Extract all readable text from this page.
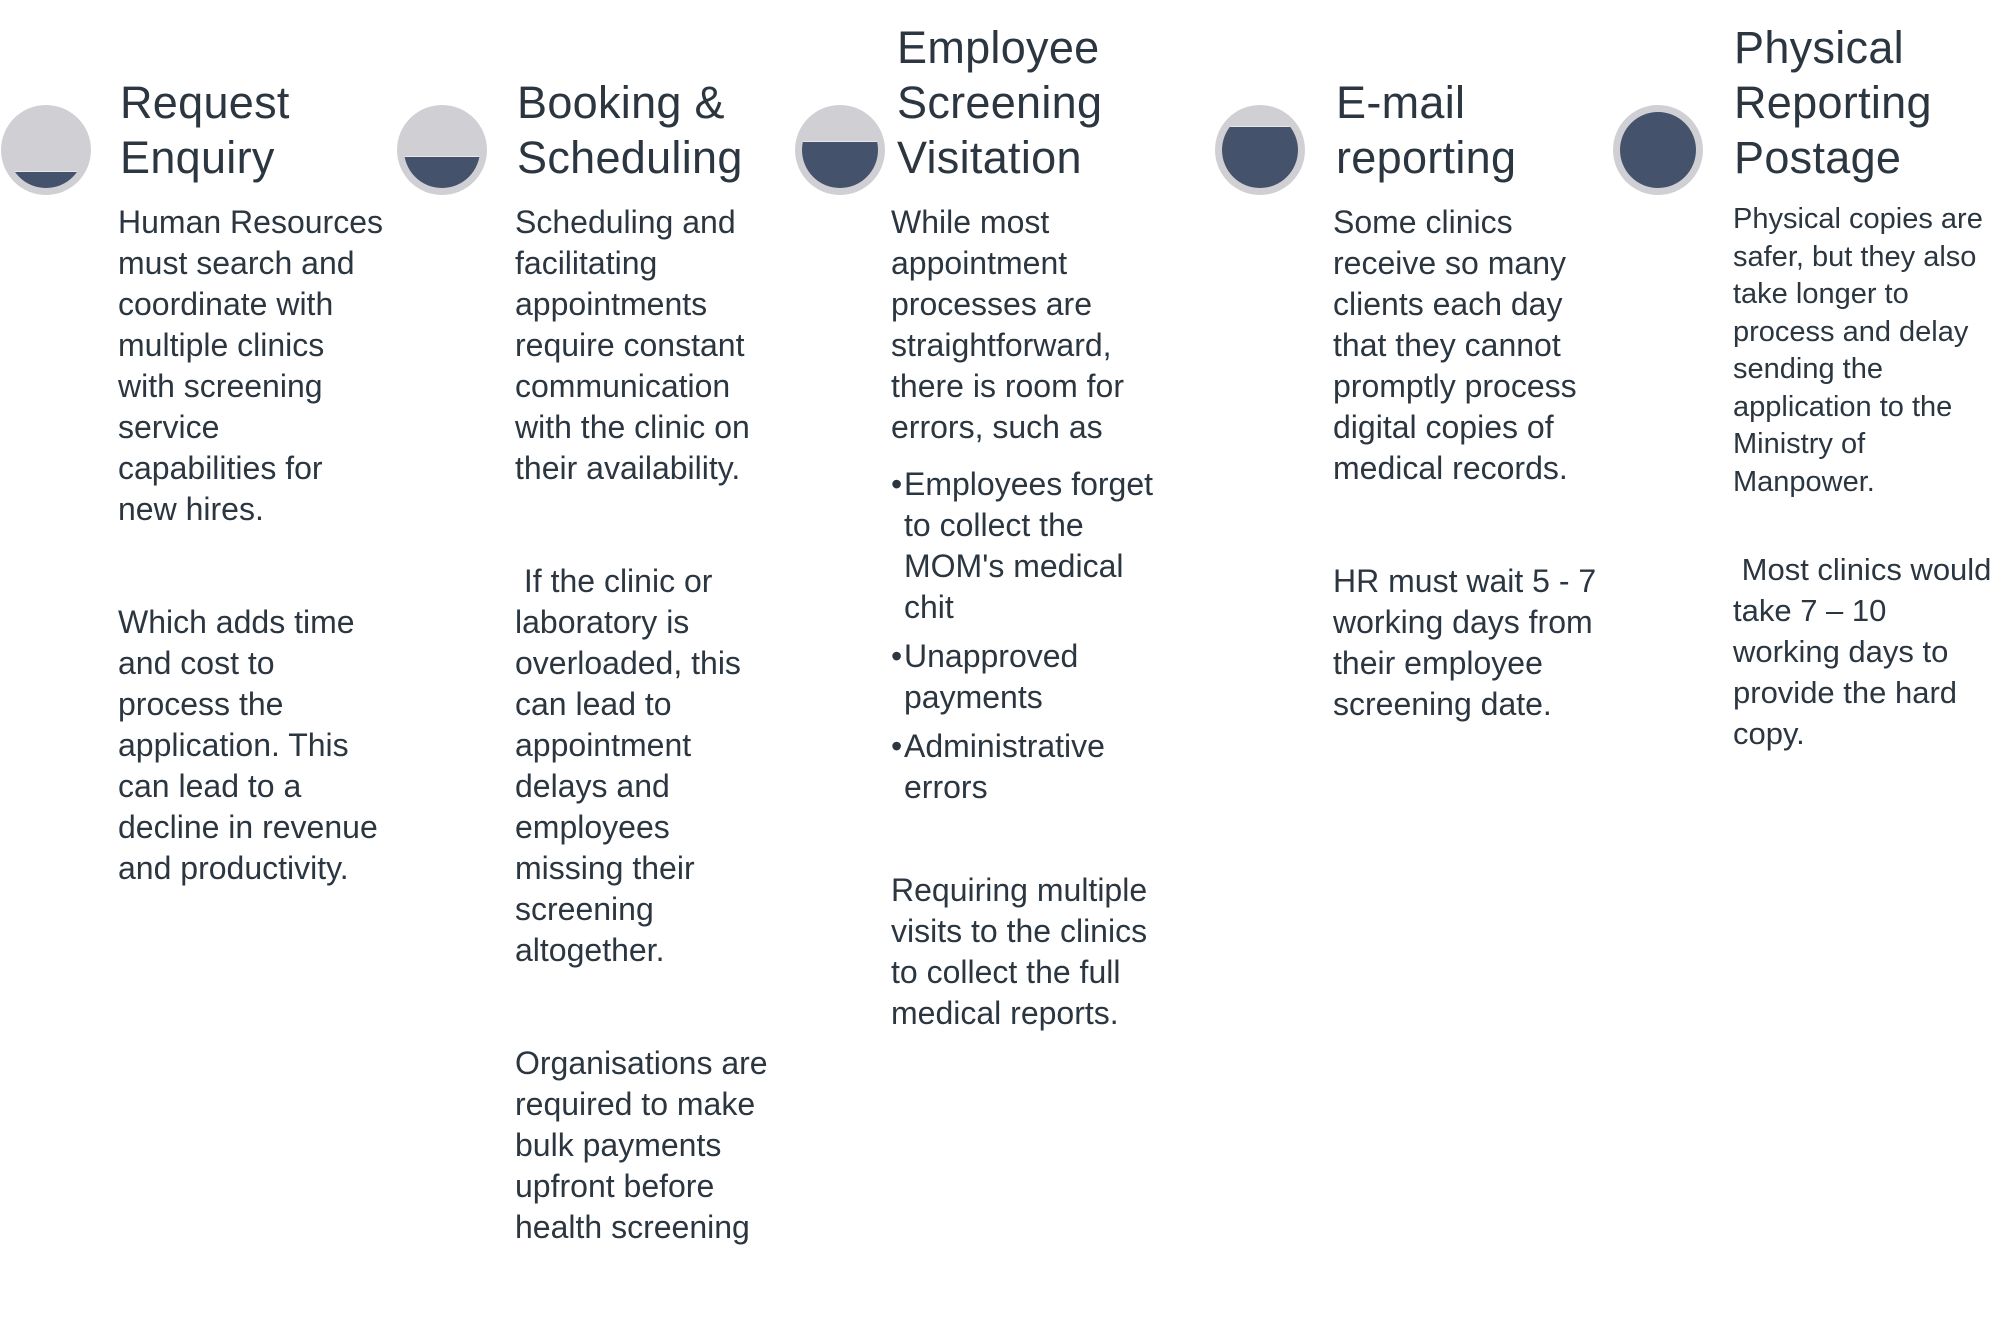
Request
Enquiry

Human Resources must search and coordinate with multiple clinics with screening service capabilities for new hires.

Which adds time and cost to process the application. This can lead to a decline in revenue and productivity.

Booking &
Scheduling

Scheduling and facilitating appointments require constant communication with the clinic on their availability.

If the clinic or laboratory is overloaded, this can lead to appointment delays and employees missing their screening altogether.

Organisations are required to make bulk payments upfront before health screening

Employee
Screening
Visitation

While most appointment processes are straightforward, there is room for errors, such as

• Employees forget to collect the MOM's medical chit
• Unapproved payments
• Administrative errors

Requiring multiple visits to the clinics to collect the full medical reports.

E-mail
reporting

Some clinics receive so many clients each day that they cannot promptly process digital copies of medical records.

HR must wait 5 - 7 working days from their employee screening date.

Physical
Reporting
Postage

Physical copies are safer, but they also take longer to process and delay sending the application to the Ministry of Manpower.

Most clinics would take 7 – 10 working days to provide the hard copy.
